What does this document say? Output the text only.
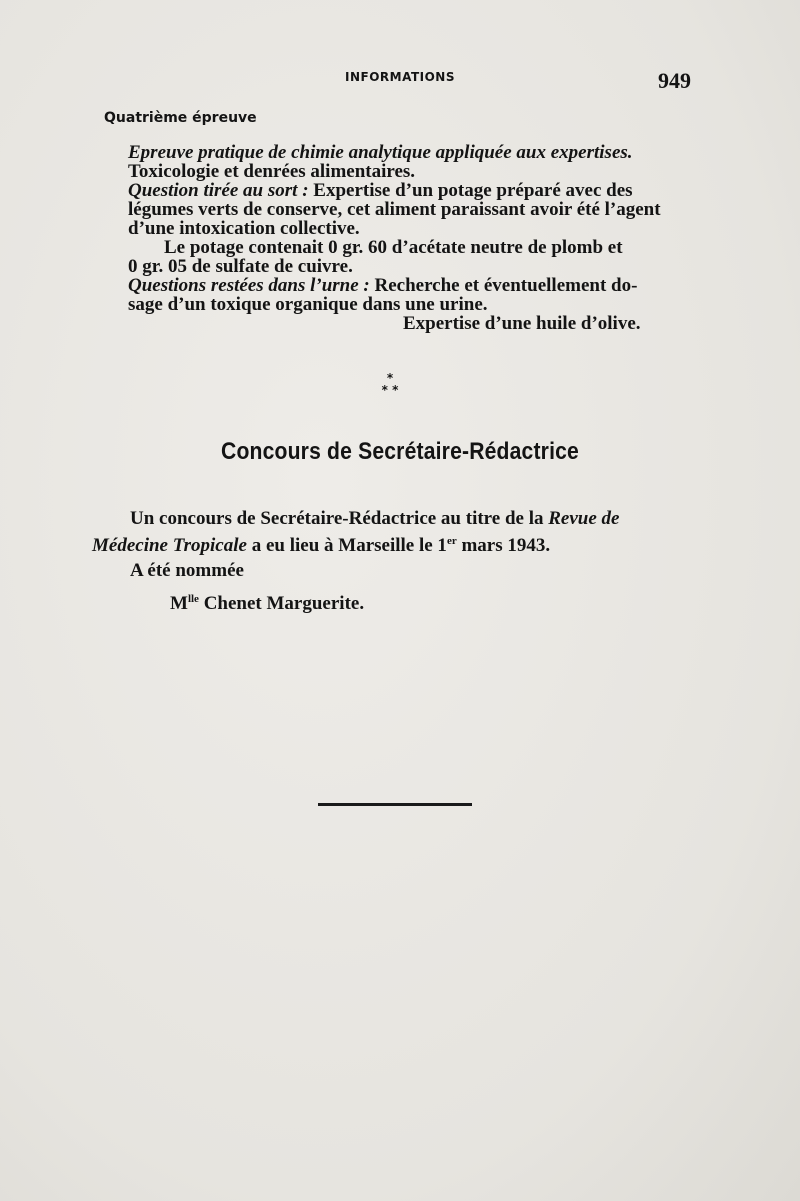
INFORMATIONS	949
Quatrième épreuve
Epreuve pratique de chimie analytique appliquée aux expertises.
Toxicologie et denrées alimentaires.
Question tirée au sort : Expertise d’un potage préparé avec des
légumes verts de conserve, cet aliment paraissant avoir été l’agent
d’une intoxication collective.
Le potage contenait 0 gr. 60 d’acétate neutre de plomb et
0 gr. 05 de sulfate de cuivre.
Questions restées dans l’urne : Recherche et éventuellement do-
sage d’un toxique organique dans une urine.
Expertise d’une huile d’olive.
*
* *
Concours de Secrétaire-Rédactrice
Un concours de Secrétaire-Rédactrice au titre de la Revue de
Médecine Tropicale a eu lieu à Marseille le 1er mars 1943.
A été nommée
$M^{lle}$ Chenet Marguerite.
